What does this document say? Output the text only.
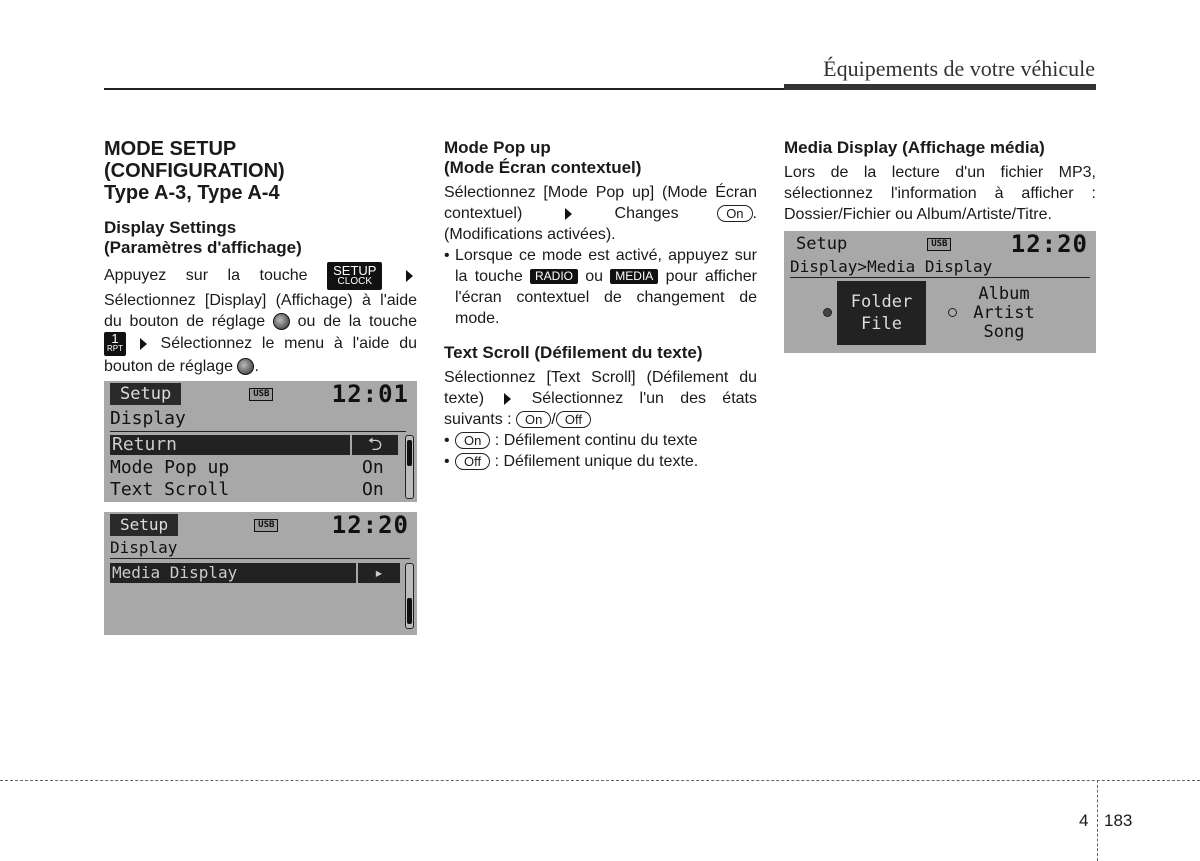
Équipements de votre véhicule
MODE SETUP
(CONFIGURATION)
Type A-3, Type A-4
Display Settings
(Paramètres d'affichage)

Appuyez sur la touche SETUP
CLOCK
Sélectionnez [Display] (Affichage) à l'aide du bouton de réglage ou de la touche
1
RPT Sélectionnez le menu à l'aide du bouton de réglage .

Setup	USB	12:01
Display
Return	⮌
Mode Pop up	On
Text Scroll	On
Setup	USB 12:20
Display
Media Display	▸
Mode Pop up
(Mode Écran contextuel)

Sélectionnez [Mode Pop up] (Mode Écran contextuel)	Changes	On . (Modifications activées).

• Lorsque ce mode est activé, appuyez sur la touche RADIO ou MEDIA pour afficher l'écran contextuel de changement de mode.
Text Scroll (Défilement du texte)

Sélectionnez [Text Scroll] (Défilement du texte)	Sélectionnez l'un des états suivants : On / Off

• On : Défilement continu du texte
• Off : Défilement unique du texte.
Media Display (Affichage média)

Lors de la lecture d'un fichier MP3, sélectionnez l'information à afficher : Dossier/Fichier ou Album/Artiste/Titre.

Setup	USB	12:20
Display>Media Display
Folder
File
Album
Artist
Song
4 183
